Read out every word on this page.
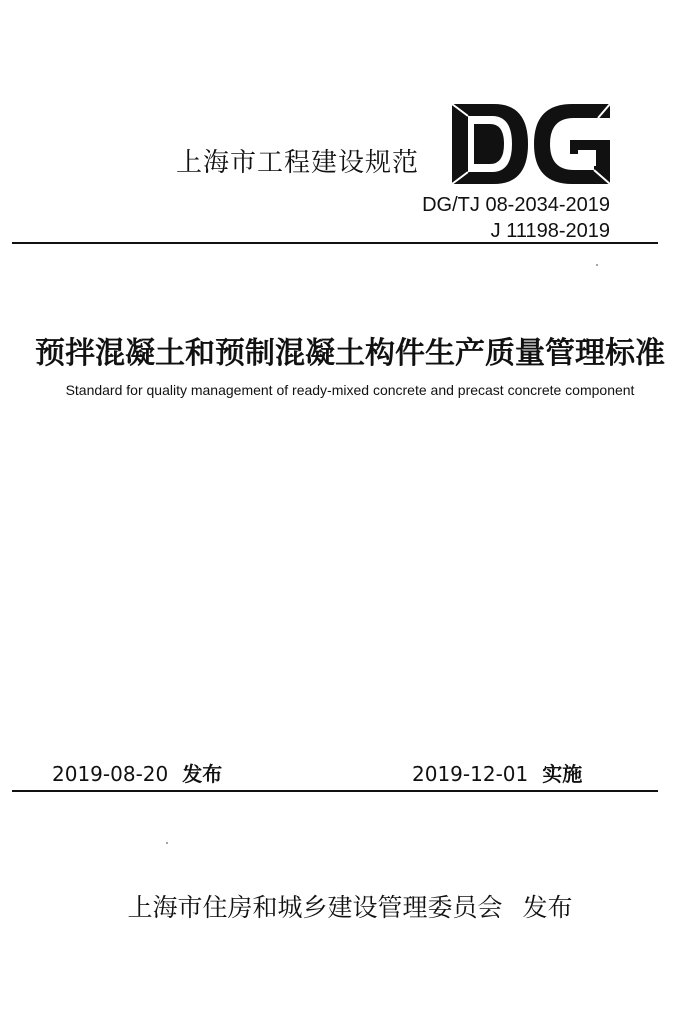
上海市工程建设规范
DG/TJ 08-2034-2019
J 11198-2019
预拌混凝土和预制混凝土构件生产质量管理标准
Standard for quality management of ready-mixed concrete and precast concrete component
2019-08-20 发布	2019-12-01 实施
上海市住房和城乡建设管理委员会 发布
